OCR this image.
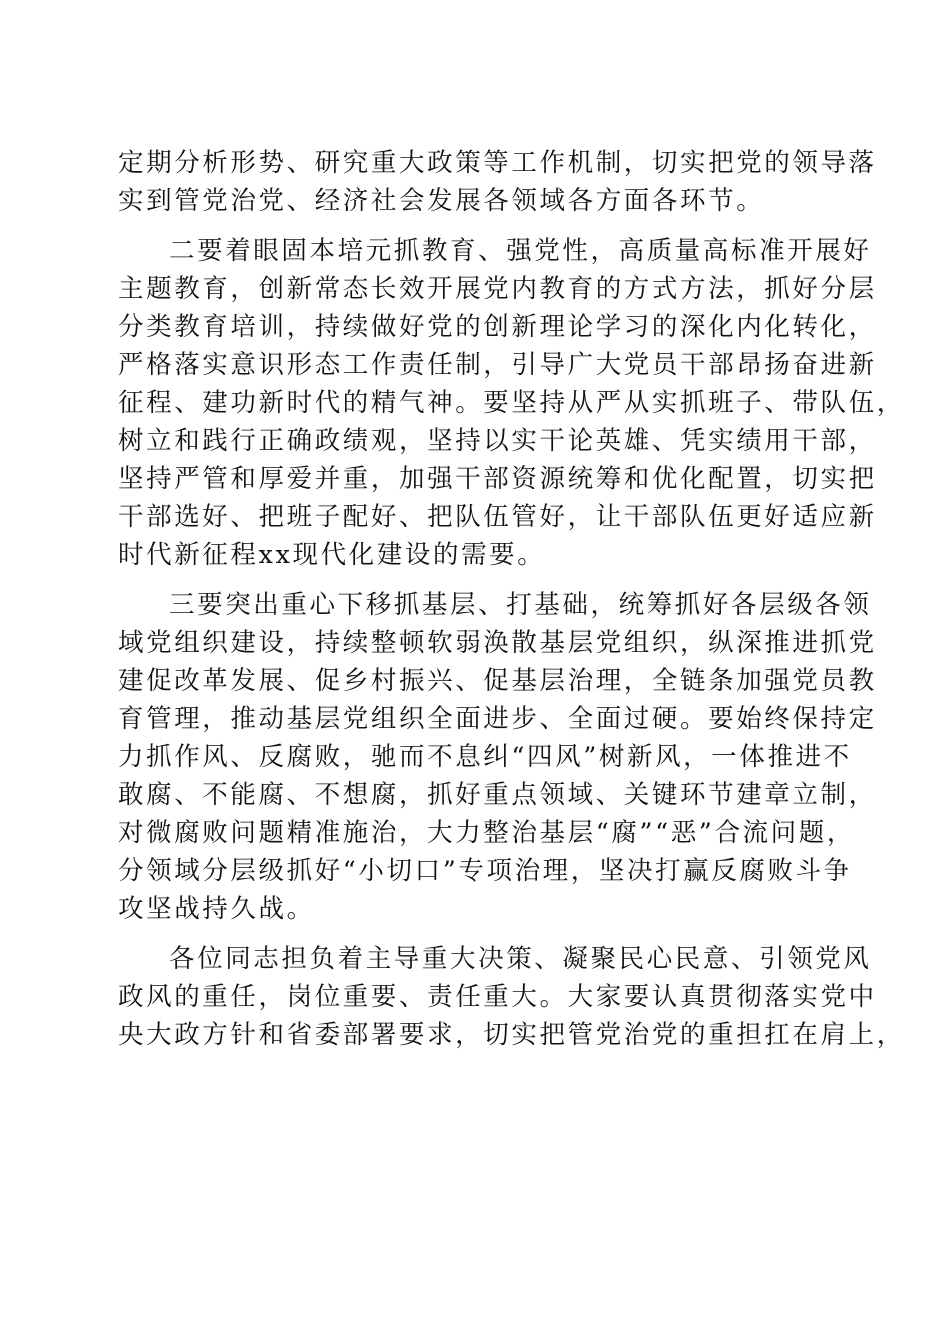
定期分析形势、研究重大政策等工作机制，切实把党的领导落
实到管党治党、经济社会发展各领域各方面各环节。
二要着眼固本培元抓教育、强党性，高质量高标准开展好
主题教育，创新常态长效开展党内教育的方式方法，抓好分层
分类教育培训，持续做好党的创新理论学习的深化内化转化，
严格落实意识形态工作责任制，引导广大党员干部昂扬奋进新
征程、建功新时代的精气神。要坚持从严从实抓班子、带队伍，
树立和践行正确政绩观，坚持以实干论英雄、凭实绩用干部，
坚持严管和厚爱并重，加强干部资源统筹和优化配置，切实把
干部选好、把班子配好、把队伍管好，让干部队伍更好适应新
时代新征程xx现代化建设的需要。
三要突出重心下移抓基层、打基础，统筹抓好各层级各领
域党组织建设，持续整顿软弱涣散基层党组织，纵深推进抓党
建促改革发展、促乡村振兴、促基层治理，全链条加强党员教
育管理，推动基层党组织全面进步、全面过硬。要始终保持定
力抓作风、反腐败，驰而不息纠“四风”树新风，一体推进不
敢腐、不能腐、不想腐，抓好重点领域、关键环节建章立制，
对微腐败问题精准施治，大力整治基层“腐”“恶”合流问题，
分领域分层级抓好“小切口”专项治理，坚决打赢反腐败斗争
攻坚战持久战。
各位同志担负着主导重大决策、凝聚民心民意、引领党风
政风的重任，岗位重要、责任重大。大家要认真贯彻落实党中
央大政方针和省委部署要求，切实把管党治党的重担扛在肩上，
